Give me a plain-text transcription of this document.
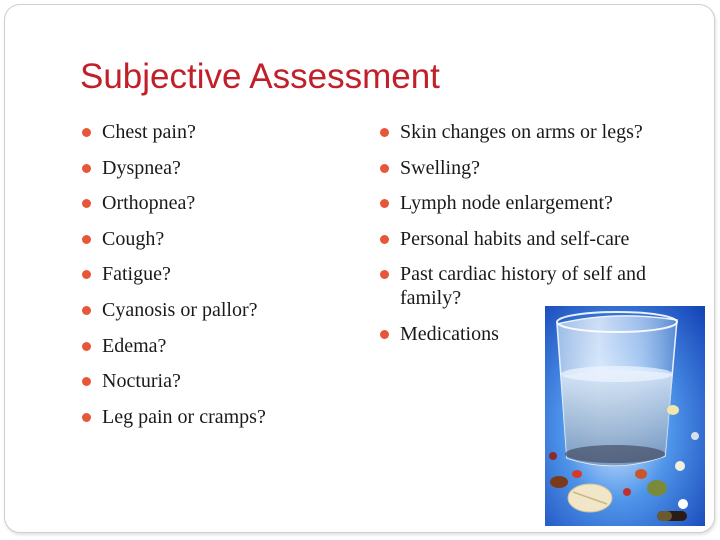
Subjective Assessment
Chest pain?
Dyspnea?
Orthopnea?
Cough?
Fatigue?
Cyanosis or pallor?
Edema?
Nocturia?
Leg pain or cramps?
Skin changes on arms or legs?
Swelling?
Lymph node enlargement?
Personal habits and self-care
Past cardiac history of self and family?
Medications
